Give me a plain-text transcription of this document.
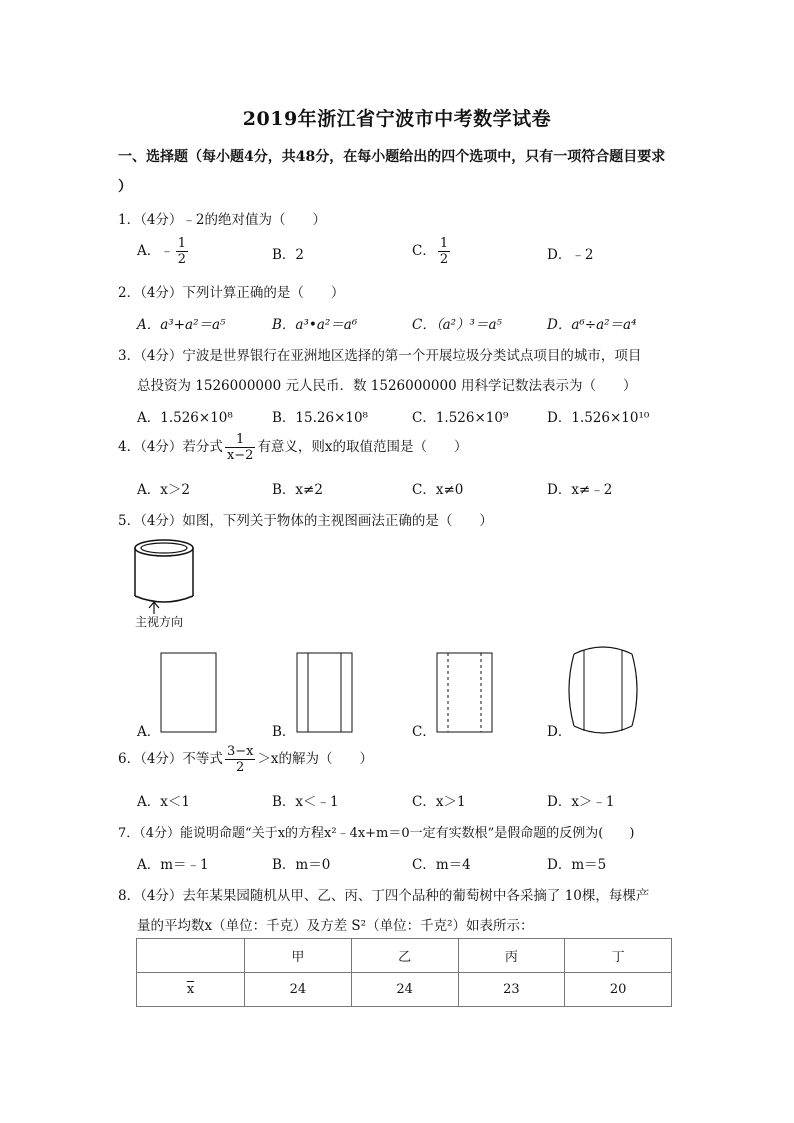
2019年浙江省宁波市中考数学试卷
一、选择题（每小题4分，共48分，在每小题给出的四个选项中，只有一项符合题目要求
）
1．（4分）﹣2的绝对值为（　　）
A．﹣ $\frac{1}{2}$	B．2	C． $\frac{1}{2}$	D．﹣2
2．（4分）下列计算正确的是（　　）
A．a³+a²＝a⁵	B．a³•a²＝a⁶	C．（a²）³＝a⁵	D．a⁶÷a²＝a⁴
3．（4分）宁波是世界银行在亚洲地区选择的第一个开展垃圾分类试点项目的城市，项目
总投资为 1526000000 元人民币．数 1526000000 用科学记数法表示为（　　）
A．1.526×10⁸	B．15.26×10⁸	C．1.526×10⁹	D．1.526×10¹⁰
4．（4分）若分式 $\frac{1}{x-2}$ 有意义，则x的取值范围是（　　）
A．x＞2	B．x≠2	C．x≠0	D．x≠﹣2
5．（4分）如图，下列关于物体的主视图画法正确的是（　　）
主视方向
A．	B．	C．	D．
6．（4分）不等式 $\frac{3-x}{2} >x$的解为（　　）
A．x＜1	B．x＜﹣1	C．x＞1	D．x＞﹣1
7．（4分）能说明命题“关于x的方程x²﹣4x+m＝0一定有实数根”是假命题的反例为(　　)
A．m＝﹣1	B．m＝0	C．m＝4	D．m＝5
8．（4分）去年某果园随机从甲、乙、丙、丁四个品种的葡萄树中各采摘了 10棵，每棵产
量的平均数x（单位：千克）及方差 S²（单位：千克²）如表所示：
	甲	乙	丙	丁
$\overline{x}$	24	24	23	20
